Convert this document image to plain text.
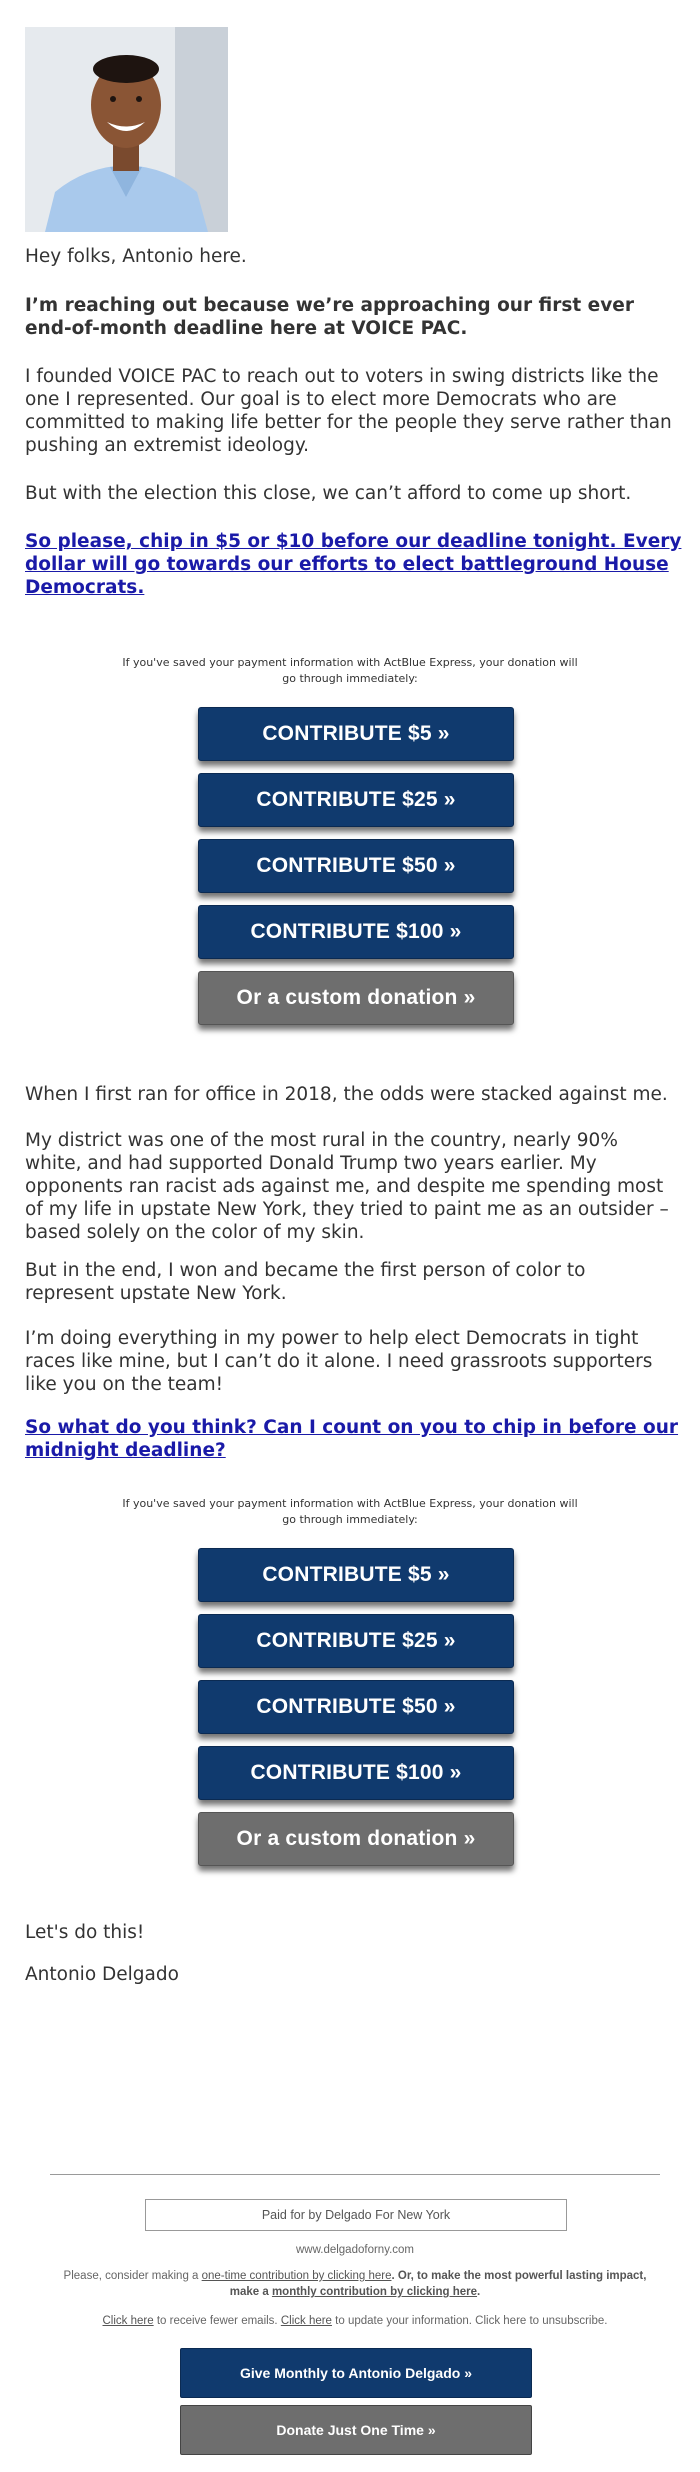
Hey folks, Antonio here.

I’m reaching out because we’re approaching our first ever end-of-month deadline here at VOICE PAC.

I founded VOICE PAC to reach out to voters in swing districts like the one I represented. Our goal is to elect more Democrats who are committed to making life better for the people they serve rather than pushing an extremist ideology.

But with the election this close, we can’t afford to come up short.

So please, chip in $5 or $10 before our deadline tonight. Every dollar will go towards our efforts to elect battleground House Democrats.

If you've saved your payment information with ActBlue Express, your donation will go through immediately:
CONTRIBUTE $5 »
CONTRIBUTE $25 »
CONTRIBUTE $50 »
CONTRIBUTE $100 »
Or a custom donation »

When I first ran for office in 2018, the odds were stacked against me.

My district was one of the most rural in the country, nearly 90% white, and had supported Donald Trump two years earlier. My opponents ran racist ads against me, and despite me spending most of my life in upstate New York, they tried to paint me as an outsider – based solely on the color of my skin.

But in the end, I won and became the first person of color to represent upstate New York.

I’m doing everything in my power to help elect Democrats in tight races like mine, but I can’t do it alone. I need grassroots supporters like you on the team!

So what do you think? Can I count on you to chip in before our midnight deadline?

If you've saved your payment information with ActBlue Express, your donation will go through immediately:
CONTRIBUTE $5 »
CONTRIBUTE $25 »
CONTRIBUTE $50 »
CONTRIBUTE $100 »
Or a custom donation »

Let's do this!

Antonio Delgado

Paid for by Delgado For New York
www.delgadoforny.com
Please, consider making a one-time contribution by clicking here. Or, to make the most powerful lasting impact, make a monthly contribution by clicking here.
Click here to receive fewer emails. Click here to update your information. Click here to unsubscribe.
Give Monthly to Antonio Delgado »
Donate Just One Time »
